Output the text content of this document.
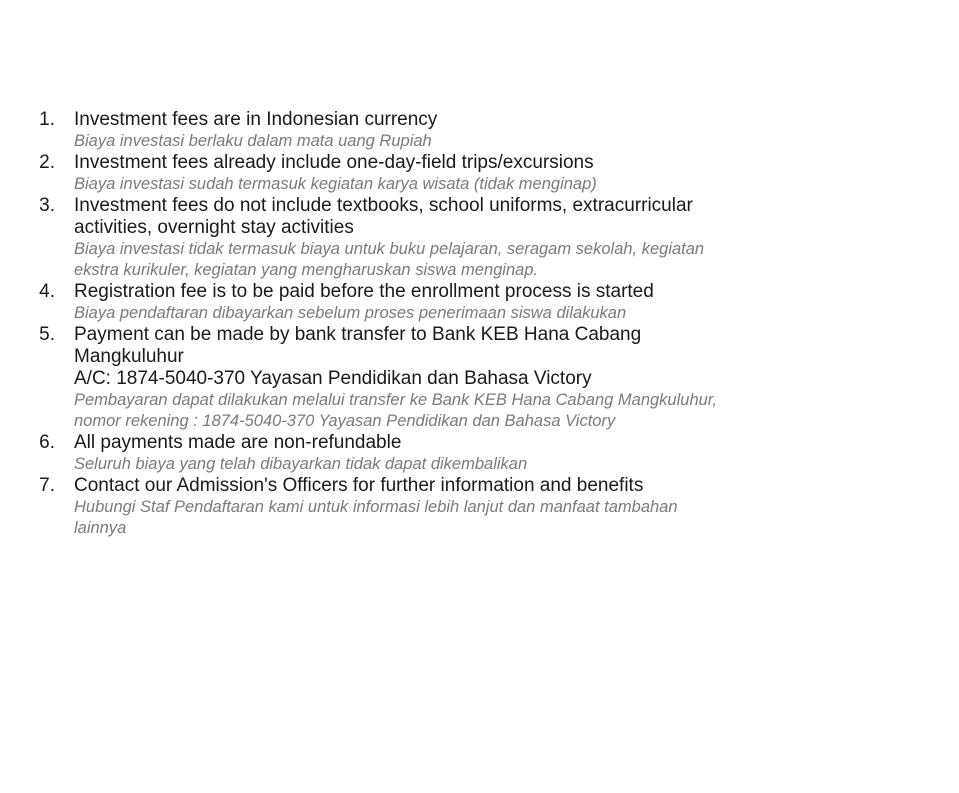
1. Investment fees are in Indonesian currency
Biaya investasi berlaku dalam mata uang Rupiah
2. Investment fees already include one-day-field trips/excursions
Biaya investasi sudah termasuk kegiatan karya wisata (tidak menginap)
3. Investment fees do not include textbooks, school uniforms, extracurricular activities, overnight stay activities
Biaya investasi tidak termasuk biaya untuk buku pelajaran, seragam sekolah, kegiatan ekstra kurikuler, kegiatan yang mengharuskan siswa menginap.
4. Registration fee is to be paid before the enrollment process is started
Biaya pendaftaran dibayarkan sebelum proses penerimaan siswa dilakukan
5. Payment can be made by bank transfer to Bank KEB Hana Cabang Mangkuluhur
A/C: 1874-5040-370 Yayasan Pendidikan dan Bahasa Victory
Pembayaran dapat dilakukan melalui transfer ke Bank KEB Hana Cabang Mangkuluhur, nomor rekening : 1874-5040-370 Yayasan Pendidikan dan Bahasa Victory
6. All payments made are non-refundable
Seluruh biaya yang telah dibayarkan tidak dapat dikembalikan
7. Contact our Admission's Officers for further information and benefits
Hubungi Staf Pendaftaran kami untuk informasi lebih lanjut dan manfaat tambahan lainnya
